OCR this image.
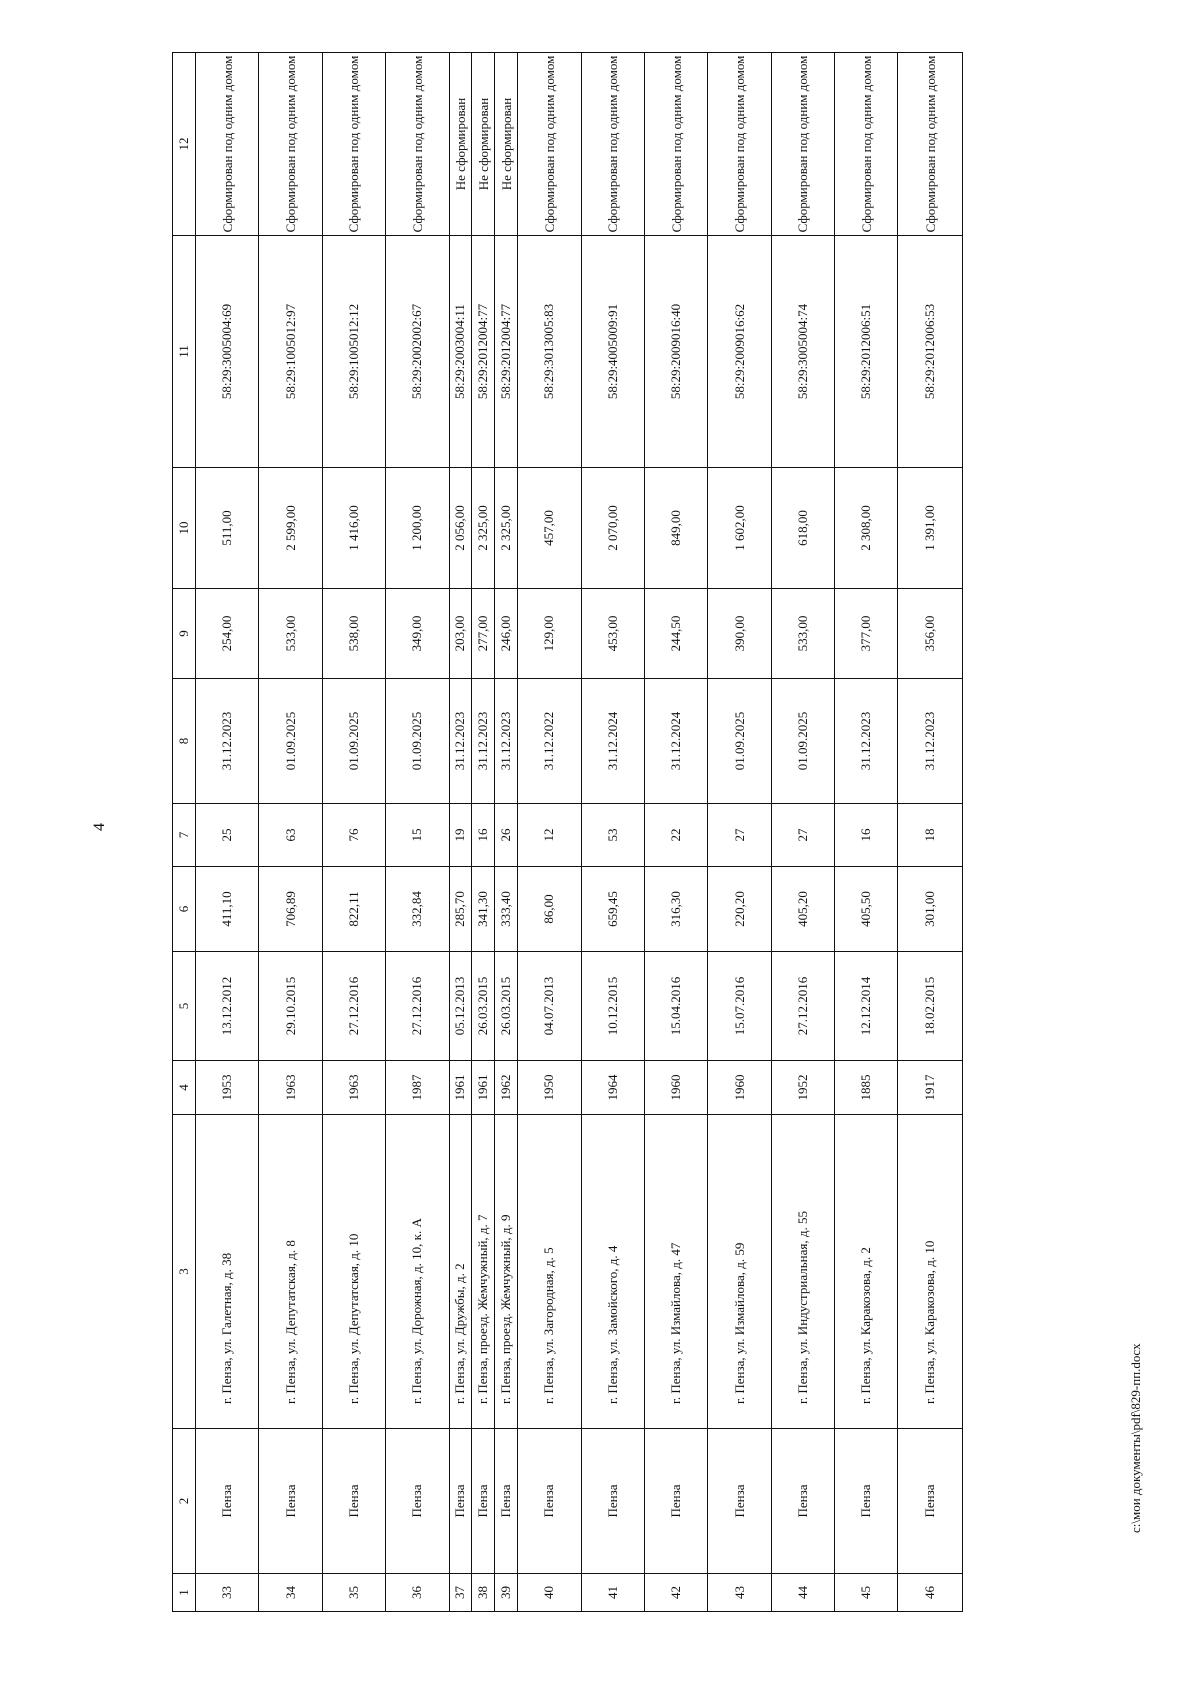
4
с:\мои документы\pdf\829-пп.docx
1	2	3	4	5	6	7	8	9	10	11	12
33	Пенза	г. Пенза, ул. Галетная, д. 38	1953	13.12.2012	411,10	25	31.12.2023	254,00	511,00	58:29:3005004:69	Сформирован под одним домом
34	Пенза	г. Пенза, ул. Депутатская, д. 8	1963	29.10.2015	706,89	63	01.09.2025	533,00	2 599,00	58:29:1005012:97	Сформирован под одним домом
35	Пенза	г. Пенза, ул. Депутатская, д. 10	1963	27.12.2016	822,11	76	01.09.2025	538,00	1 416,00	58:29:1005012:12	Сформирован под одним домом
36	Пенза	г. Пенза, ул. Дорожная, д. 10, к. А	1987	27.12.2016	332,84	15	01.09.2025	349,00	1 200,00	58:29:2002002:67	Сформирован под одним домом
37	Пенза	г. Пенза, ул. Дружбы, д. 2	1961	05.12.2013	285,70	19	31.12.2023	203,00	2 056,00	58:29:2003004:11	Не сформирован
38	Пенза	г. Пенза, проезд. Жемчужный, д. 7	1961	26.03.2015	341,30	16	31.12.2023	277,00	2 325,00	58:29:2012004:77	Не сформирован
39	Пенза	г. Пенза, проезд. Жемчужный, д. 9	1962	26.03.2015	333,40	26	31.12.2023	246,00	2 325,00	58:29:2012004:77	Не сформирован
40	Пенза	г. Пенза, ул. Загородная, д. 5	1950	04.07.2013	86,00	12	31.12.2022	129,00	457,00	58:29:3013005:83	Сформирован под одним домом
41	Пенза	г. Пенза, ул. Замойского, д. 4	1964	10.12.2015	659,45	53	31.12.2024	453,00	2 070,00	58:29:4005009:91	Сформирован под одним домом
42	Пенза	г. Пенза, ул. Измайлова, д. 47	1960	15.04.2016	316,30	22	31.12.2024	244,50	849,00	58:29:2009016:40	Сформирован под одним домом
43	Пенза	г. Пенза, ул. Измайлова, д. 59	1960	15.07.2016	220,20	27	01.09.2025	390,00	1 602,00	58:29:2009016:62	Сформирован под одним домом
44	Пенза	г. Пенза, ул. Индустриальная, д. 55	1952	27.12.2016	405,20	27	01.09.2025	533,00	618,00	58:29:3005004:74	Сформирован под одним домом
45	Пенза	г. Пенза, ул. Каракозова, д. 2	1885	12.12.2014	405,50	16	31.12.2023	377,00	2 308,00	58:29:2012006:51	Сформирован под одним домом
46	Пенза	г. Пенза, ул. Каракозова, д. 10	1917	18.02.2015	301,00	18	31.12.2023	356,00	1 391,00	58:29:2012006:53	Сформирован под одним домом
